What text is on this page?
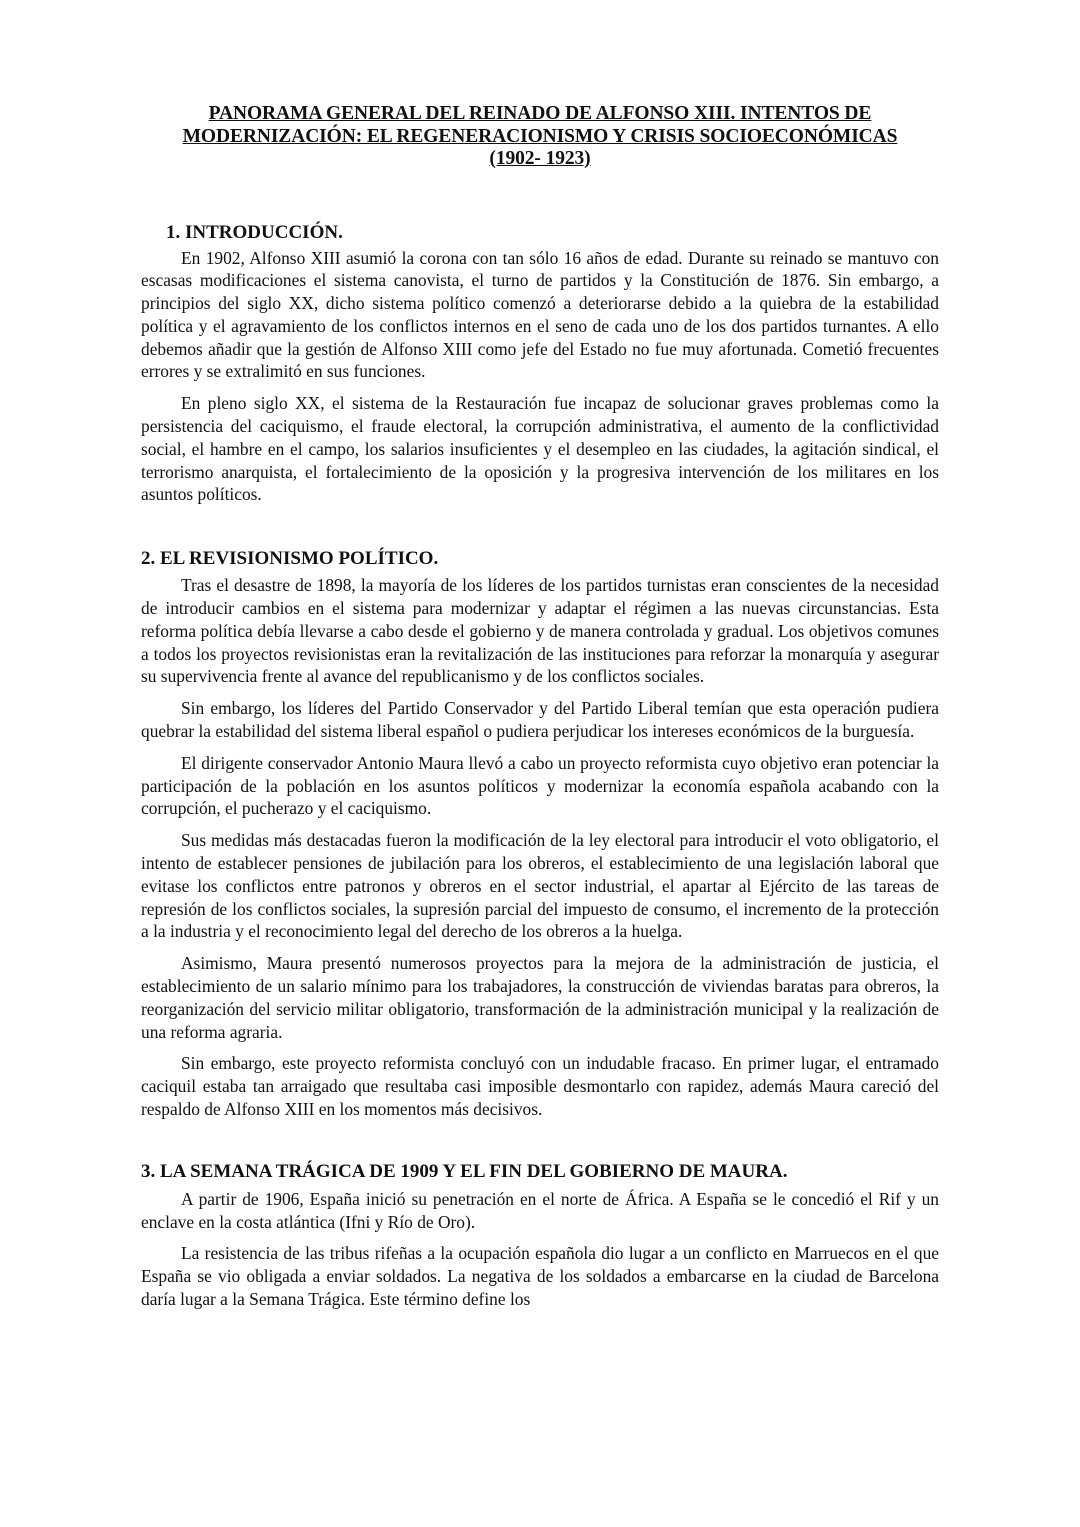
PANORAMA GENERAL DEL REINADO DE ALFONSO XIII. INTENTOS DE
MODERNIZACIÓN: EL REGENERACIONISMO Y CRISIS SOCIOECONÓMICAS
(1902- 1923)
1. INTRODUCCIÓN.

En 1902, Alfonso XIII asumió la corona con tan sólo 16 años de edad. Durante su reinado se mantuvo con escasas modificaciones el sistema canovista, el turno de partidos y la Constitución de 1876. Sin embargo, a principios del siglo XX, dicho sistema político comenzó a deteriorarse debido a la quiebra de la estabilidad política y el agravamiento de los conflictos internos en el seno de cada uno de los dos partidos turnantes. A ello debemos añadir que la gestión de Alfonso XIII como jefe del Estado no fue muy afortunada. Cometió frecuentes errores y se extralimitó en sus funciones.

En pleno siglo XX, el sistema de la Restauración fue incapaz de solucionar graves problemas como la persistencia del caciquismo, el fraude electoral, la corrupción administrativa, el aumento de la conflictividad social, el hambre en el campo, los salarios insuficientes y el desempleo en las ciudades, la agitación sindical, el terrorismo anarquista, el fortalecimiento de la oposición y la progresiva intervención de los militares en los asuntos políticos.

2. EL REVISIONISMO POLÍTICO.

Tras el desastre de 1898, la mayoría de los líderes de los partidos turnistas eran conscientes de la necesidad de introducir cambios en el sistema para modernizar y adaptar el régimen a las nuevas circunstancias. Esta reforma política debía llevarse a cabo desde el gobierno y de manera controlada y gradual. Los objetivos comunes a todos los proyectos revisionistas eran la revitalización de las instituciones para reforzar la monarquía y asegurar su supervivencia frente al avance del republicanismo y de los conflictos sociales.

Sin embargo, los líderes del Partido Conservador y del Partido Liberal temían que esta operación pudiera quebrar la estabilidad del sistema liberal español o pudiera perjudicar los intereses económicos de la burguesía.

El dirigente conservador Antonio Maura llevó a cabo un proyecto reformista cuyo objetivo eran potenciar la participación de la población en los asuntos políticos y modernizar la economía española acabando con la corrupción, el pucherazo y el caciquismo.

Sus medidas más destacadas fueron la modificación de la ley electoral para introducir el voto obligatorio, el intento de establecer pensiones de jubilación para los obreros, el establecimiento de una legislación laboral que evitase los conflictos entre patronos y obreros en el sector industrial, el apartar al Ejército de las tareas de represión de los conflictos sociales, la supresión parcial del impuesto de consumo, el incremento de la protección a la industria y el reconocimiento legal del derecho de los obreros a la huelga.

Asimismo, Maura presentó numerosos proyectos para la mejora de la administración de justicia, el establecimiento de un salario mínimo para los trabajadores, la construcción de viviendas baratas para obreros, la reorganización del servicio militar obligatorio, transformación de la administración municipal y la realización de una reforma agraria.

Sin embargo, este proyecto reformista concluyó con un indudable fracaso. En primer lugar, el entramado caciquil estaba tan arraigado que resultaba casi imposible desmontarlo con rapidez, además Maura careció del respaldo de Alfonso XIII en los momentos más decisivos.

3. LA SEMANA TRÁGICA DE 1909 Y EL FIN DEL GOBIERNO DE MAURA.

A partir de 1906, España inició su penetración en el norte de África. A España se le concedió el Rif y un enclave en la costa atlántica (Ifni y Río de Oro).

La resistencia de las tribus rifeñas a la ocupación española dio lugar a un conflicto en Marruecos en el que España se vio obligada a enviar soldados. La negativa de los soldados a embarcarse en la ciudad de Barcelona daría lugar a la Semana Trágica. Este término define los
